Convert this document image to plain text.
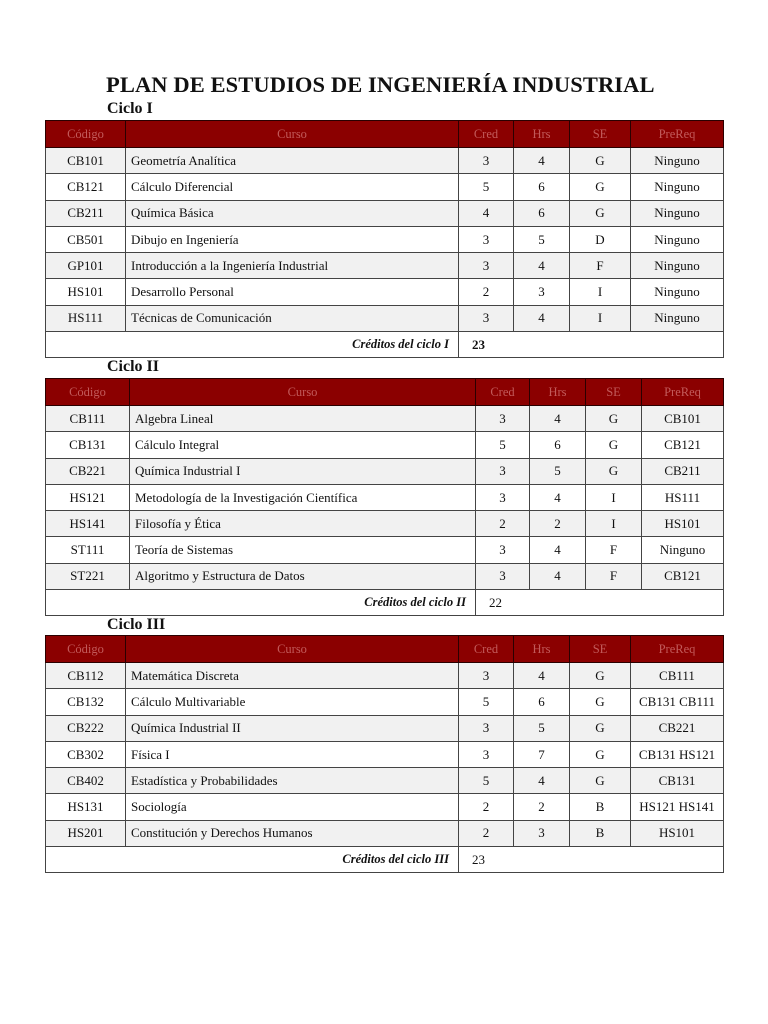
PLAN DE ESTUDIOS DE INGENIERÍA INDUSTRIAL
Ciclo I
Código	Curso	Cred	Hrs	SE	PreReq
CB101	Geometría Analítica	3	4	G	Ninguno
CB121	Cálculo Diferencial	5	6	G	Ninguno
CB211	Química Básica	4	6	G	Ninguno
CB501	Dibujo en Ingeniería	3	5	D	Ninguno
GP101	Introducción a la Ingeniería Industrial	3	4	F	Ninguno
HS101	Desarrollo Personal	2	3	I	Ninguno
HS111	Técnicas de Comunicación	3	4	I	Ninguno
Créditos del ciclo I		23			
Ciclo II
Código	Curso	Cred	Hrs	SE	PreReq
CB111	Algebra Lineal	3	4	G	CB101
CB131	Cálculo Integral	5	6	G	CB121
CB221	Química Industrial I	3	5	G	CB211
HS121	Metodología de la Investigación Científica	3	4	I	HS111
HS141	Filosofía y Ética	2	2	I	HS101
ST111	Teoría de Sistemas	3	4	F	Ninguno
ST221	Algoritmo y Estructura de Datos	3	4	F	CB121
Créditos del ciclo II		22			
Ciclo III
Código	Curso	Cred	Hrs	SE	PreReq
CB112	Matemática Discreta	3	4	G	CB111
CB132	Cálculo Multivariable	5	6	G	CB131 CB111
CB222	Química Industrial II	3	5	G	CB221
CB302	Física I	3	7	G	CB131 HS121
CB402	Estadística y Probabilidades	5	4	G	CB131
HS131	Sociología	2	2	B	HS121 HS141
HS201	Constitución y Derechos Humanos	2	3	B	HS101
Créditos del ciclo III		23			
